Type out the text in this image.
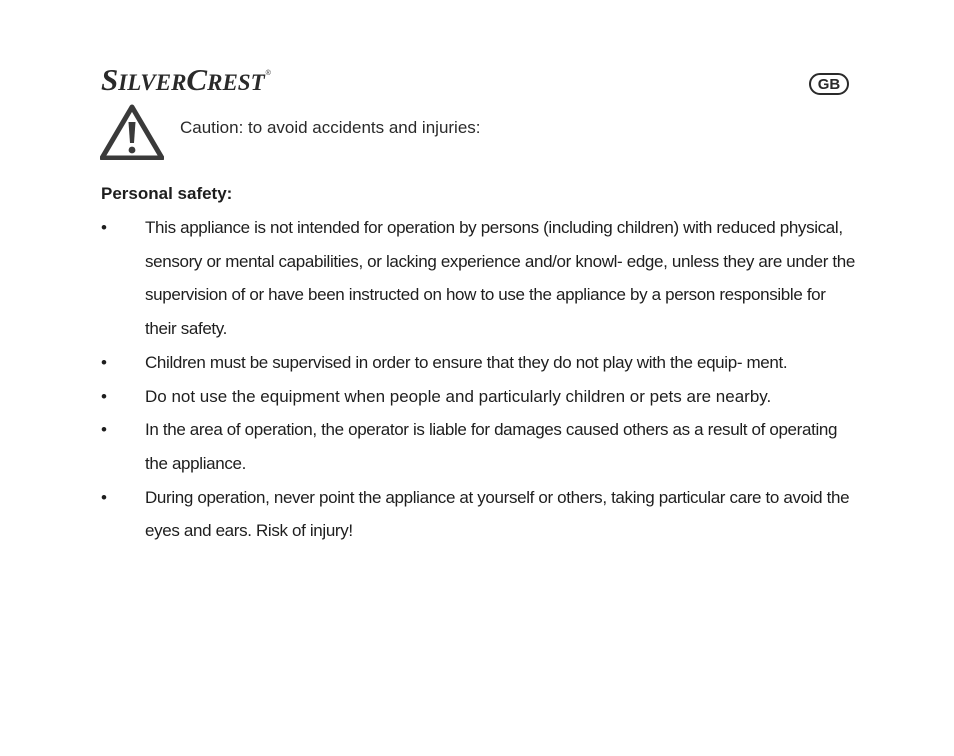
SILVERCREST®
GB
Caution: to avoid accidents and injuries:
Personal safety:
• This appliance is not intended for operation by persons (including children) with reduced physical, sensory or mental capabilities, or lacking experience and/or knowl- edge, unless they are under the supervision of or have been instructed on how to use the appliance by a person responsible for their safety.
• Children must be supervised in order to ensure that they do not play with the equip- ment.
• Do not use the equipment when people and particularly children or pets are nearby.
• In the area of operation, the operator is liable for damages caused others as a result of operating the appliance.
• During operation, never point the appliance at yourself or others, taking particular care to avoid the eyes and ears. Risk of injury!
